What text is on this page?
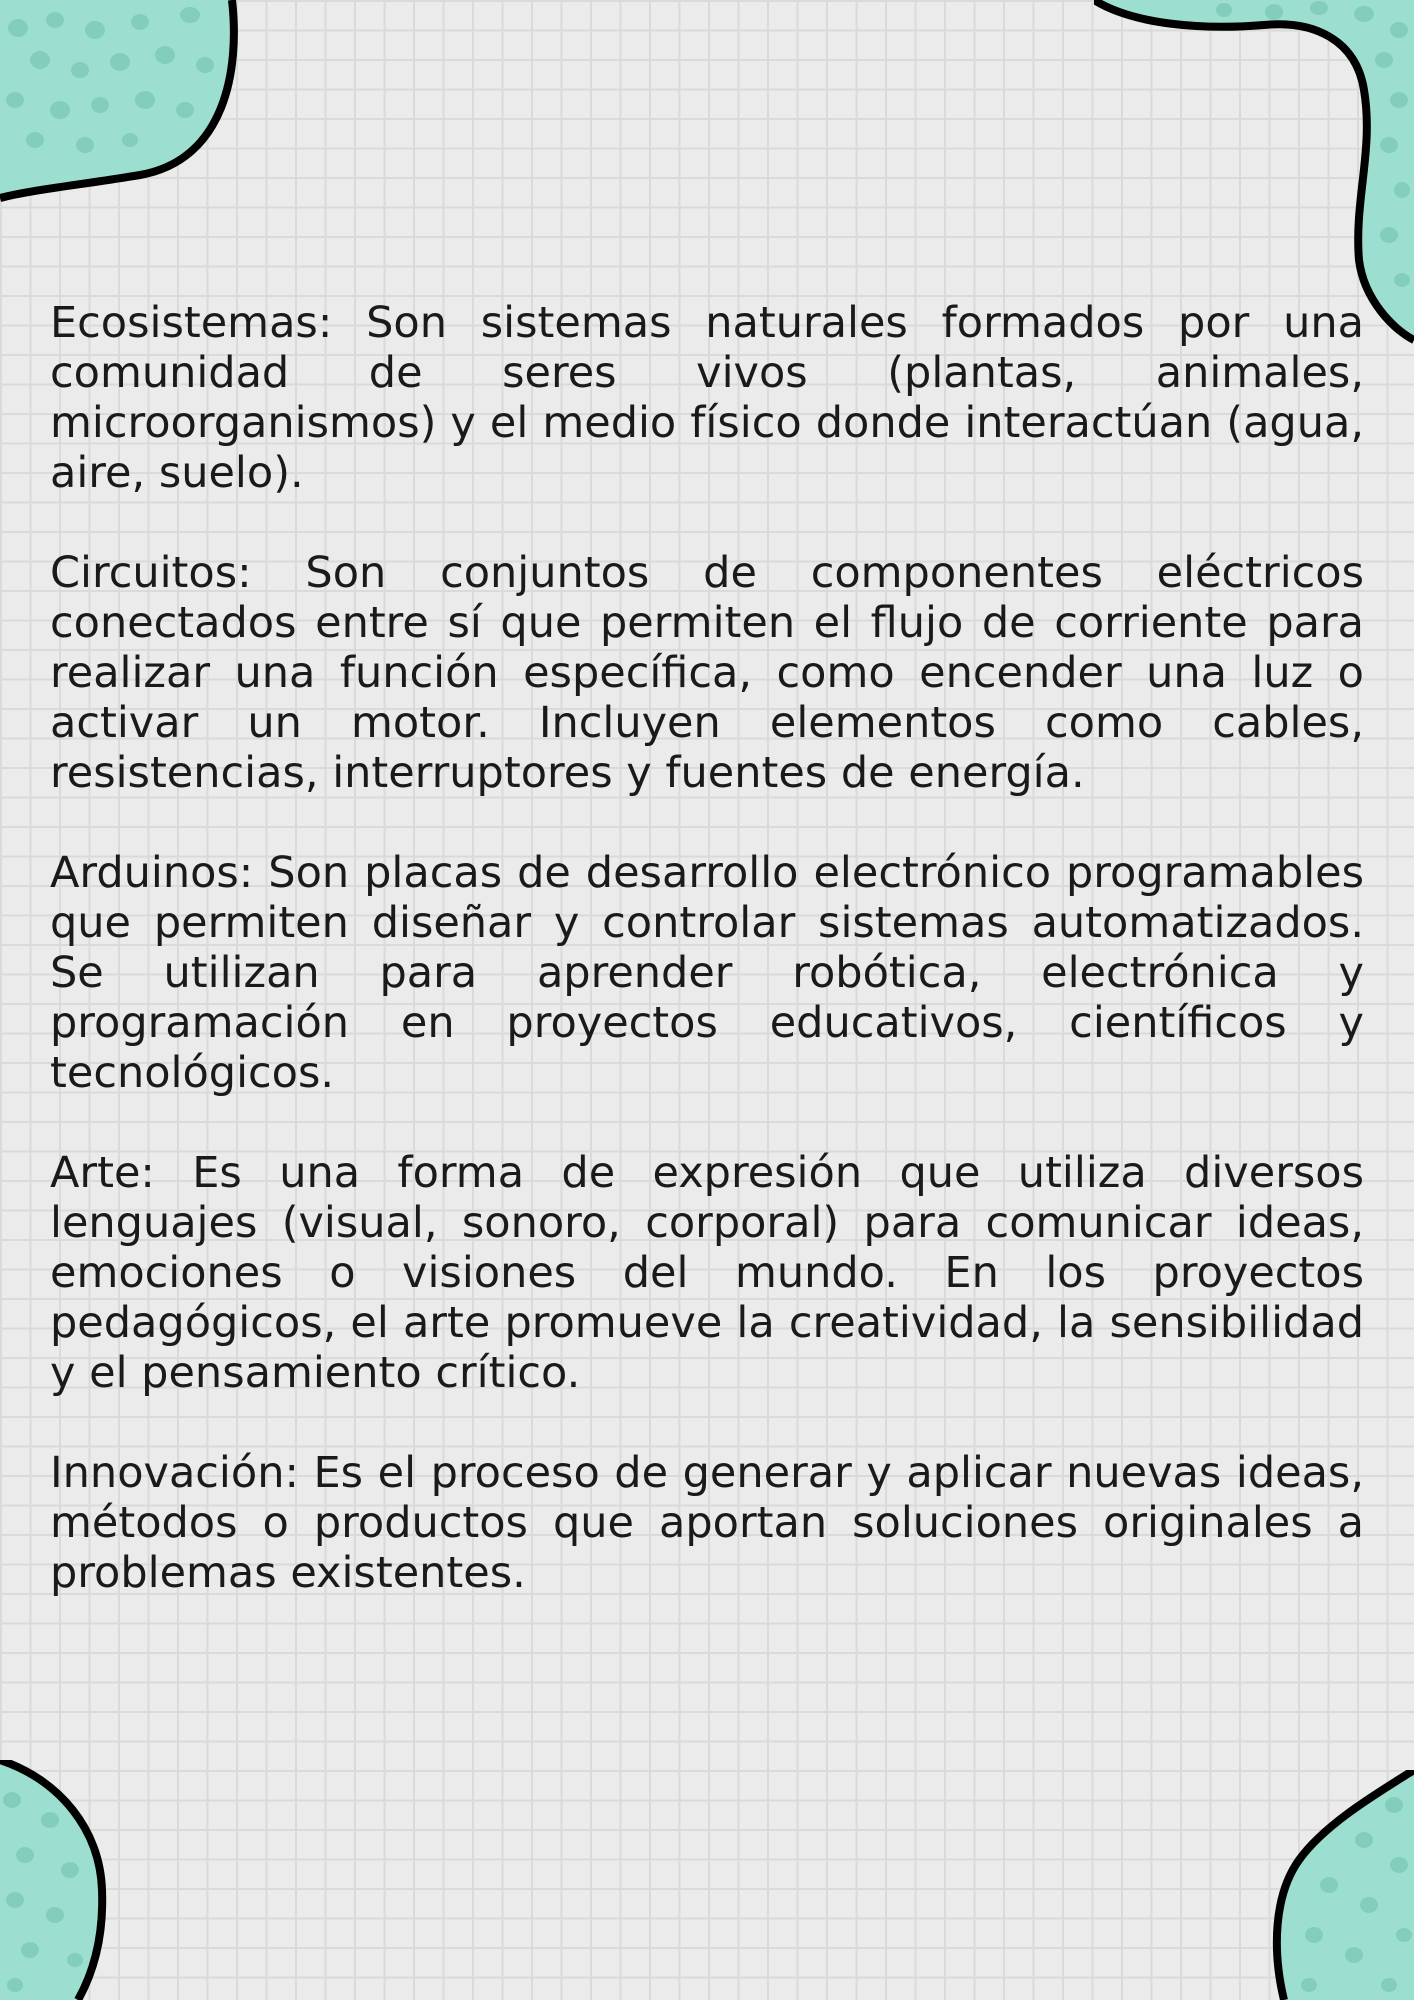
Ecosistemas: Son sistemas naturales formados por una comunidad de seres vivos (plantas, animales, microorganismos) y el medio físico donde interactúan (agua, aire, suelo).

Circuitos: Son conjuntos de componentes eléctricos conectados entre sí que permiten el flujo de corriente para realizar una función específica, como encender una luz o activar un motor. Incluyen elementos como cables, resistencias, interruptores y fuentes de energía.

Arduinos: Son placas de desarrollo electrónico programables que permiten diseñar y controlar sistemas automatizados. Se utilizan para aprender robótica, electrónica y programación en proyectos educativos, científicos y tecnológicos.

Arte: Es una forma de expresión que utiliza diversos lenguajes (visual, sonoro, corporal) para comunicar ideas, emociones o visiones del mundo. En los proyectos pedagógicos, el arte promueve la creatividad, la sensibilidad y el pensamiento crítico.

Innovación: Es el proceso de generar y aplicar nuevas ideas, métodos o productos que aportan soluciones originales a problemas existentes.
